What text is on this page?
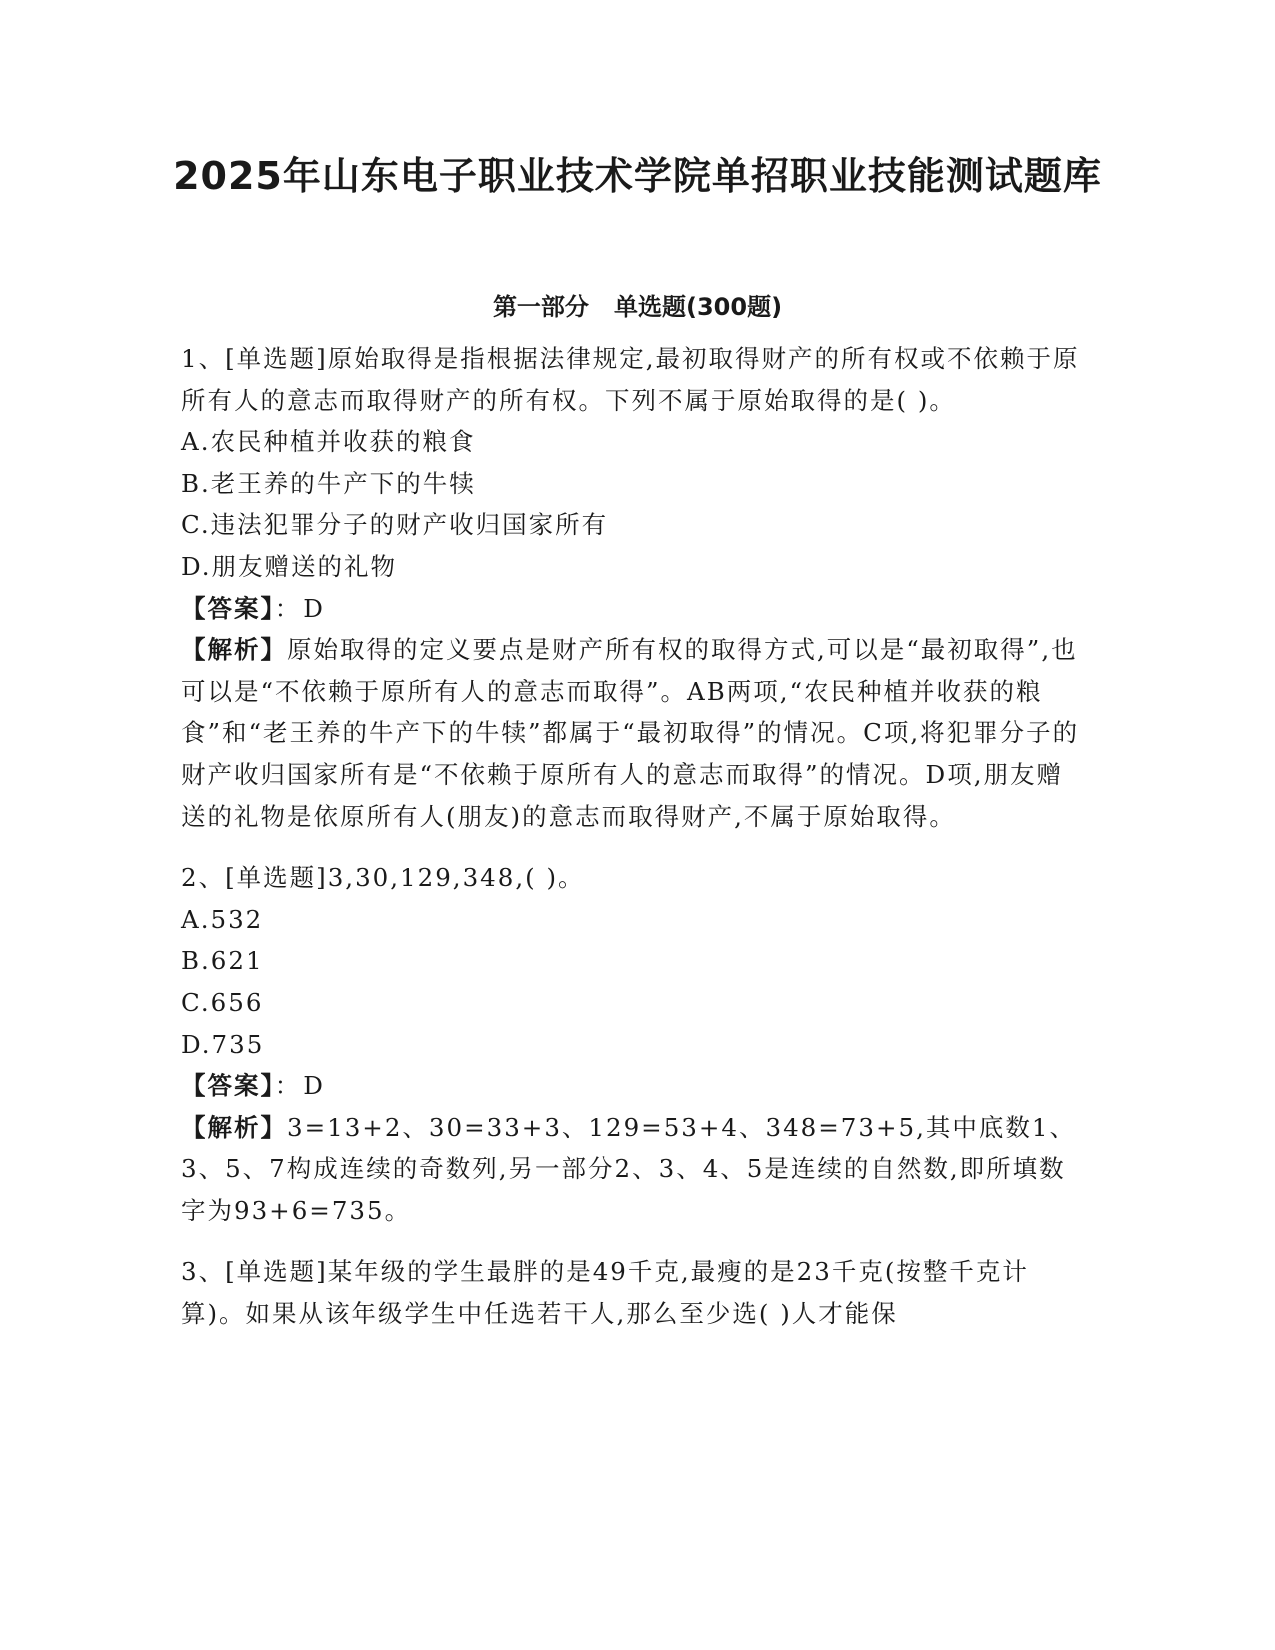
2025年山东电子职业技术学院单招职业技能测试题库
第一部分   单选题(300题)

1、[单选题]原始取得是指根据法律规定,最初取得财产的所有权或不依赖于原所有人的意志而取得财产的所有权。下列不属于原始取得的是( )。

A.农民种植并收获的粮食

B.老王养的牛产下的牛犊

C.违法犯罪分子的财产收归国家所有

D.朋友赠送的礼物

【答案】：D

【解析】原始取得的定义要点是财产所有权的取得方式,可以是“最初取得”,也可以是“不依赖于原所有人的意志而取得”。AB两项,“农民种植并收获的粮食”和“老王养的牛产下的牛犊”都属于“最初取得”的情况。C项,将犯罪分子的财产收归国家所有是“不依赖于原所有人的意志而取得”的情况。D项,朋友赠送的礼物是依原所有人(朋友)的意志而取得财产,不属于原始取得。

2、[单选题]3,30,129,348,( )。

A.532

B.621

C.656

D.735

【答案】：D

【解析】3=13+2、30=33+3、129=53+4、348=73+5,其中底数1、3、5、7构成连续的奇数列,另一部分2、3、4、5是连续的自然数,即所填数字为93+6=735。

3、[单选题]某年级的学生最胖的是49千克,最瘦的是23千克(按整千克计算)。如果从该年级学生中任选若干人,那么至少选( )人才能保
